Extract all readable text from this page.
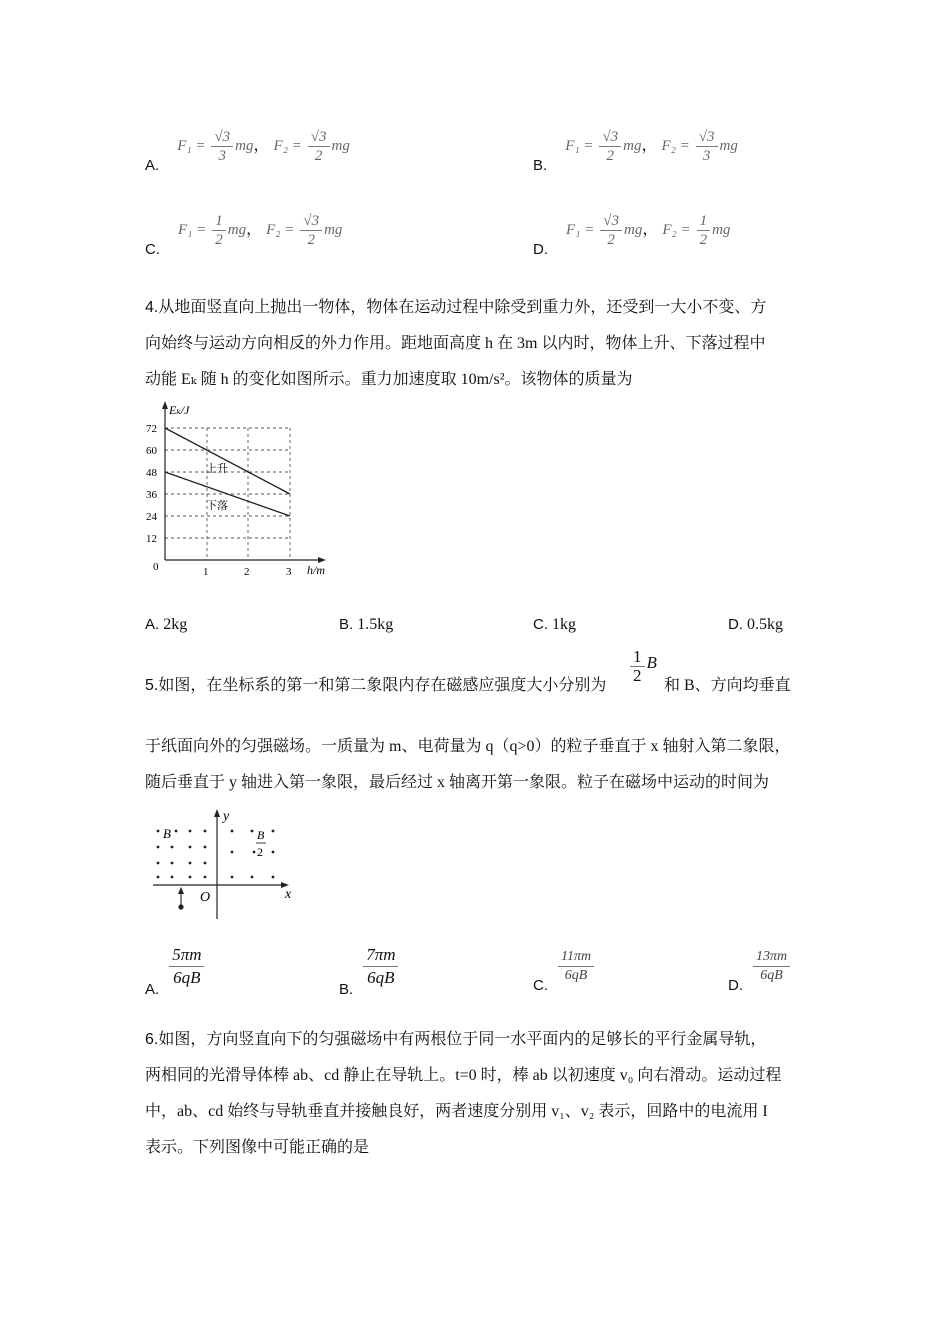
A. $F_1 = \frac{√3}{3}$ mg， $F_2 = \frac{√3}{2}$ mg
B. $F_1 = \frac{√3}{2}$ mg， $F_2 = \frac{√3}{3}$ mg
C. $F_1 = \frac{1}{2}$ mg， $F_2 = \frac{√3}{2}$ mg
D. $F_1 = \frac{√3}{2}$ mg， $F_2 = \frac{1}{2}$ mg
4.从地面竖直向上抛出一物体，物体在运动过程中除受到重力外，还受到一大小不变、方
向始终与运动方向相反的外力作用。距地面高度 h 在 3m 以内时，物体上升、下落过程中
动能 Eₖ 随 h 的变化如图所示。重力加速度取 10m/s²。该物体的质量为
Eₖ/J
h/m
0	1	2	3
12
24
36
48
60
72
上升
下落
A. 2kg	B. 1.5kg	C. 1kg	D. 0.5kg
5.如图，在坐标系的第一和第二象限内存在磁感应强度大小分别为
$\frac{1}{2}$ B
和 B、方向均垂直
于纸面向外的匀强磁场。一质量为 m、电荷量为 q（q>0）的粒子垂直于 x 轴射入第二象限，
随后垂直于 y 轴进入第一象限，最后经过 x 轴离开第一象限。粒子在磁场中运动的时间为
y
x
O
B	B
2
A.
$\frac{5\pi m}{6qB}$
B.
$\frac{7\pi m}{6qB}$	C.
$\frac{11\pi m}{6qB}$
D.
$\frac{13\pi m}{6qB}$
6.如图，方向竖直向下的匀强磁场中有两根位于同一水平面内的足够长的平行金属导轨，
两相同的光滑导体棒 ab、cd 静止在导轨上。t=0 时，棒 ab 以初速度 v₀ 向右滑动。运动过程
中，ab、cd 始终与导轨垂直并接触良好，两者速度分别用 v₁、v₂ 表示，回路中的电流用 I
表示。下列图像中可能正确的是
